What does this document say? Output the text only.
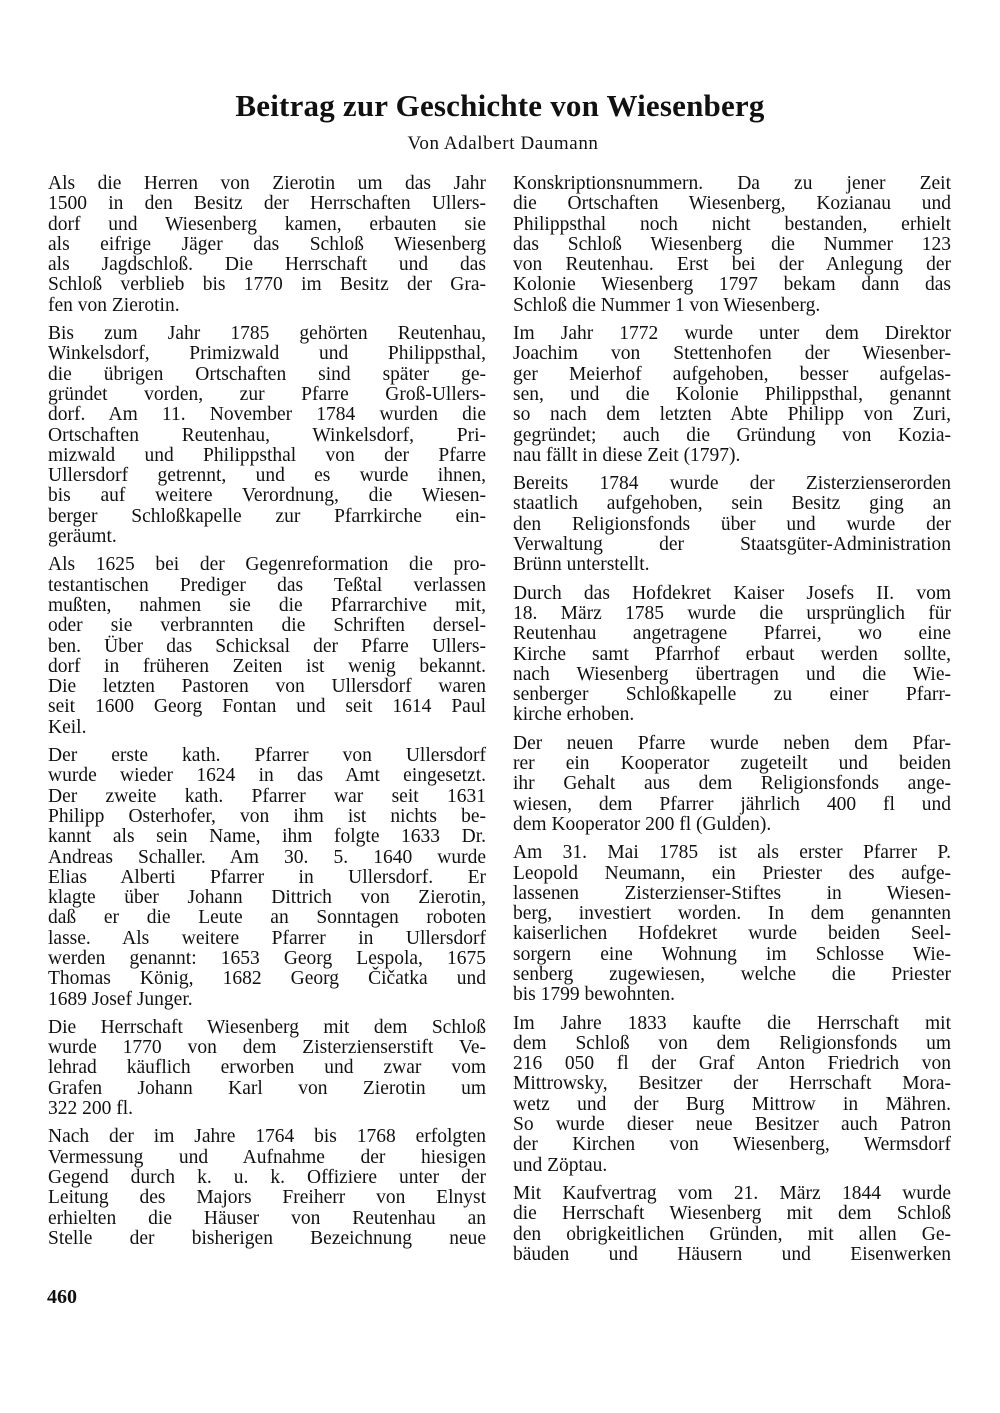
Beitrag zur Geschichte von Wiesenberg
Von Adalbert Daumann
Als die Herren von Zierotin um das Jahr
1500 in den Besitz der Herrschaften Ullers-
dorf und Wiesenberg kamen, erbauten sie
als eifrige Jäger das Schloß Wiesenberg
als Jagdschloß. Die Herrschaft und das
Schloß verblieb bis 1770 im Besitz der Gra-
fen von Zierotin.
Bis zum Jahr 1785 gehörten Reutenhau,
Winkelsdorf, Primizwald und Philippsthal,
die übrigen Ortschaften sind später ge-
gründet vorden, zur Pfarre Groß-Ullers-
dorf. Am 11. November 1784 wurden die
Ortschaften Reutenhau, Winkelsdorf, Pri-
mizwald und Philippsthal von der Pfarre
Ullersdorf getrennt, und es wurde ihnen,
bis auf weitere Verordnung, die Wiesen-
berger Schloßkapelle zur Pfarrkirche ein-
geräumt.
Als 1625 bei der Gegenreformation die pro-
testantischen Prediger das Teßtal verlassen
mußten, nahmen sie die Pfarrarchive mit,
oder sie verbrannten die Schriften dersel-
ben. Über das Schicksal der Pfarre Ullers-
dorf in früheren Zeiten ist wenig bekannt.
Die letzten Pastoren von Ullersdorf waren
seit 1600 Georg Fontan und seit 1614 Paul
Keil.
Der erste kath. Pfarrer von Ullersdorf
wurde wieder 1624 in das Amt eingesetzt.
Der zweite kath. Pfarrer war seit 1631
Philipp Osterhofer, von ihm ist nichts be-
kannt als sein Name, ihm folgte 1633 Dr.
Andreas Schaller. Am 30. 5. 1640 wurde
Elias Alberti Pfarrer in Ullersdorf. Er
klagte über Johann Dittrich von Zierotin,
daß er die Leute an Sonntagen roboten
lasse. Als weitere Pfarrer in Ullersdorf
werden genannt: 1653 Georg Lespola, 1675
Thomas König, 1682 Georg Čičatka und
1689 Josef Junger.
Die Herrschaft Wiesenberg mit dem Schloß
wurde 1770 von dem Zisterzienserstift Ve-
lehrad käuflich erworben und zwar vom
Grafen Johann Karl von Zierotin um
322 200 fl.
Nach der im Jahre 1764 bis 1768 erfolgten
Vermessung und Aufnahme der hiesigen
Gegend durch k. u. k. Offiziere unter der
Leitung des Majors Freiherr von Elnyst
erhielten die Häuser von Reutenhau an
Stelle der bisherigen Bezeichnung neue
Konskriptionsnummern. Da zu jener Zeit
die Ortschaften Wiesenberg, Kozianau und
Philippsthal noch nicht bestanden, erhielt
das Schloß Wiesenberg die Nummer 123
von Reutenhau. Erst bei der Anlegung der
Kolonie Wiesenberg 1797 bekam dann das
Schloß die Nummer 1 von Wiesenberg.
Im Jahr 1772 wurde unter dem Direktor
Joachim von Stettenhofen der Wiesenber-
ger Meierhof aufgehoben, besser aufgelas-
sen, und die Kolonie Philippsthal, genannt
so nach dem letzten Abte Philipp von Zuri,
gegründet; auch die Gründung von Kozia-
nau fällt in diese Zeit (1797).
Bereits 1784 wurde der Zisterzienserorden
staatlich aufgehoben, sein Besitz ging an
den Religionsfonds über und wurde der
Verwaltung der Staatsgüter-Administration
Brünn unterstellt.
Durch das Hofdekret Kaiser Josefs II. vom
18. März 1785 wurde die ursprünglich für
Reutenhau angetragene Pfarrei, wo eine
Kirche samt Pfarrhof erbaut werden sollte,
nach Wiesenberg übertragen und die Wie-
senberger Schloßkapelle zu einer Pfarr-
kirche erhoben.
Der neuen Pfarre wurde neben dem Pfar-
rer ein Kooperator zugeteilt und beiden
ihr Gehalt aus dem Religionsfonds ange-
wiesen, dem Pfarrer jährlich 400 fl und
dem Kooperator 200 fl (Gulden).
Am 31. Mai 1785 ist als erster Pfarrer P.
Leopold Neumann, ein Priester des aufge-
lassenen Zisterzienser-Stiftes in Wiesen-
berg, investiert worden. In dem genannten
kaiserlichen Hofdekret wurde beiden Seel-
sorgern eine Wohnung im Schlosse Wie-
senberg zugewiesen, welche die Priester
bis 1799 bewohnten.
Im Jahre 1833 kaufte die Herrschaft mit
dem Schloß von dem Religionsfonds um
216 050 fl der Graf Anton Friedrich von
Mittrowsky, Besitzer der Herrschaft Mora-
wetz und der Burg Mittrow in Mähren.
So wurde dieser neue Besitzer auch Patron
der Kirchen von Wiesenberg, Wermsdorf
und Zöptau.
Mit Kaufvertrag vom 21. März 1844 wurde
die Herrschaft Wiesenberg mit dem Schloß
den obrigkeitlichen Gründen, mit allen Ge-
bäuden und Häusern und Eisenwerken
460
